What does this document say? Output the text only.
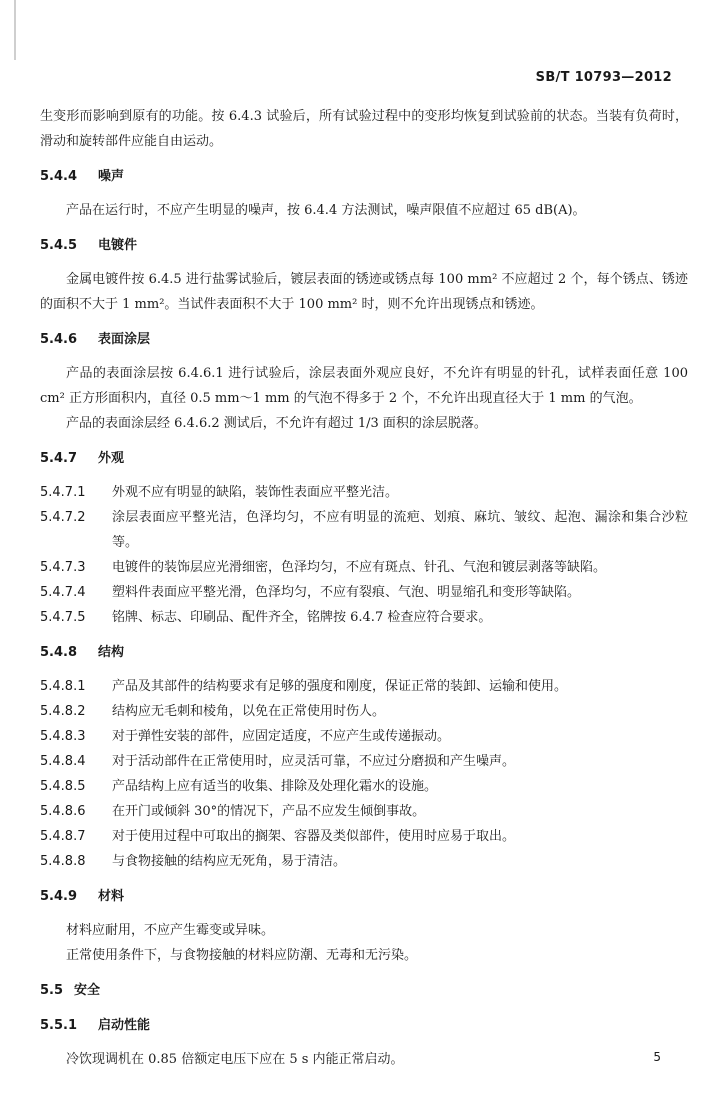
SB/T 10793—2012

生变形而影响到原有的功能。按 6.4.3 试验后，所有试验过程中的变形均恢复到试验前的状态。当装有负荷时，滑动和旋转部件应能自由运动。

5.4.4 噪声

产品在运行时，不应产生明显的噪声，按 6.4.4 方法测试，噪声限值不应超过 65 dB(A)。

5.4.5 电镀件

金属电镀件按 6.4.5 进行盐雾试验后，镀层表面的锈迹或锈点每 100 mm² 不应超过 2 个，每个锈点、锈迹的面积不大于 1 mm²。当试件表面积不大于 100 mm² 时，则不允许出现锈点和锈迹。

5.4.6 表面涂层

产品的表面涂层按 6.4.6.1 进行试验后，涂层表面外观应良好，不允许有明显的针孔，试样表面任意 100 cm² 正方形面积内，直径 0.5 mm～1 mm 的气泡不得多于 2 个，不允许出现直径大于 1 mm 的气泡。

产品的表面涂层经 6.4.6.2 测试后，不允许有超过 1/3 面积的涂层脱落。

5.4.7 外观
5.4.7.1	外观不应有明显的缺陷，装饰性表面应平整光洁。
5.4.7.2	涂层表面应平整光洁，色泽均匀，不应有明显的流疤、划痕、麻坑、皱纹、起泡、漏涂和集合沙粒等。
5.4.7.3	电镀件的装饰层应光滑细密，色泽均匀，不应有斑点、针孔、气泡和镀层剥落等缺陷。
5.4.7.4	塑料件表面应平整光滑，色泽均匀，不应有裂痕、气泡、明显缩孔和变形等缺陷。
5.4.7.5	铭牌、标志、印刷品、配件齐全，铭牌按 6.4.7 检查应符合要求。
5.4.8 结构
5.4.8.1	产品及其部件的结构要求有足够的强度和刚度，保证正常的装卸、运输和使用。
5.4.8.2	结构应无毛刺和棱角，以免在正常使用时伤人。
5.4.8.3	对于弹性安装的部件，应固定适度，不应产生或传递振动。
5.4.8.4	对于活动部件在正常使用时，应灵活可靠，不应过分磨损和产生噪声。
5.4.8.5	产品结构上应有适当的收集、排除及处理化霜水的设施。
5.4.8.6	在开门或倾斜 30°的情况下，产品不应发生倾倒事故。
5.4.8.7	对于使用过程中可取出的搁架、容器及类似部件，使用时应易于取出。
5.4.8.8	与食物接触的结构应无死角，易于清洁。
5.4.9 材料

材料应耐用，不应产生霉变或异味。

正常使用条件下，与食物接触的材料应防潮、无毒和无污染。

5.5 安全
5.5.1 启动性能

冷饮现调机在 0.85 倍额定电压下应在 5 s 内能正常启动。	5
